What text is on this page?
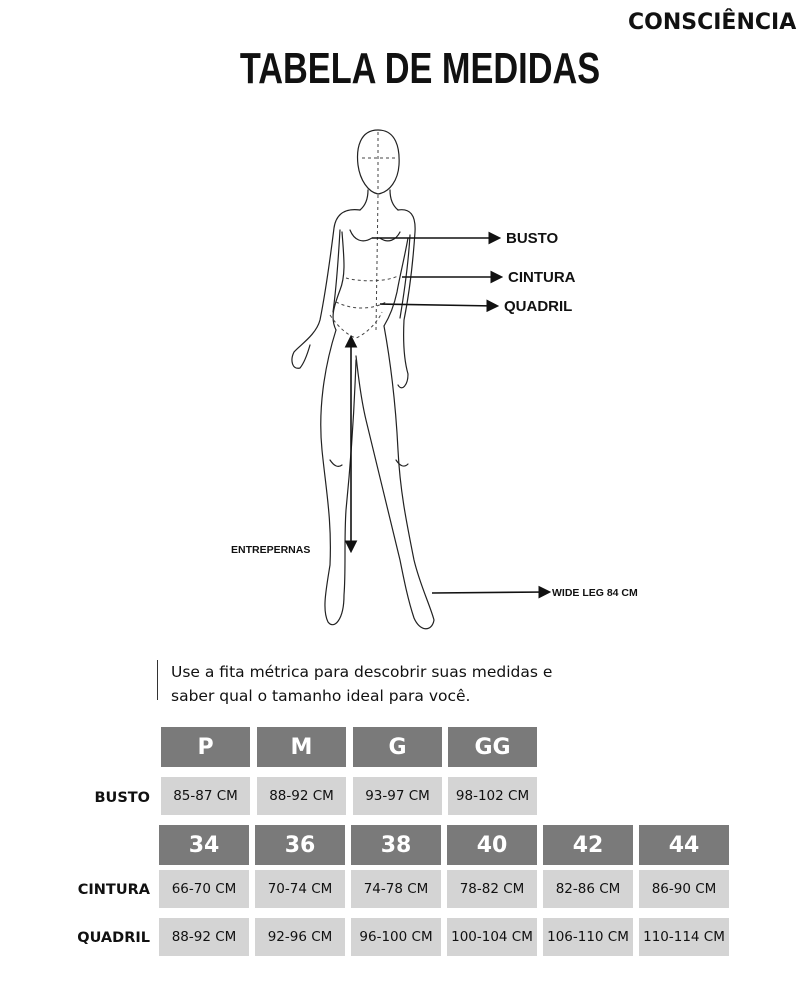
CONSCIÊNCIA
TABELA DE MEDIDAS
BUSTO
CINTURA
QUADRIL
ENTREPERNAS
WIDE LEG 84 CM
Use a fita métrica para descobrir suas medidas e
saber qual o tamanho ideal para você.
P	M	G	GG
BUSTO	85-87 CM	88-92 CM	93-97 CM	98-102 CM
34	36	38	40	42	44
CINTURA	66-70 CM	70-74 CM	74-78 CM	78-82 CM	82-86 CM	86-90 CM
QUADRIL	88-92 CM	92-96 CM	96-100 CM	100-104 CM	106-110 CM	110-114 CM
